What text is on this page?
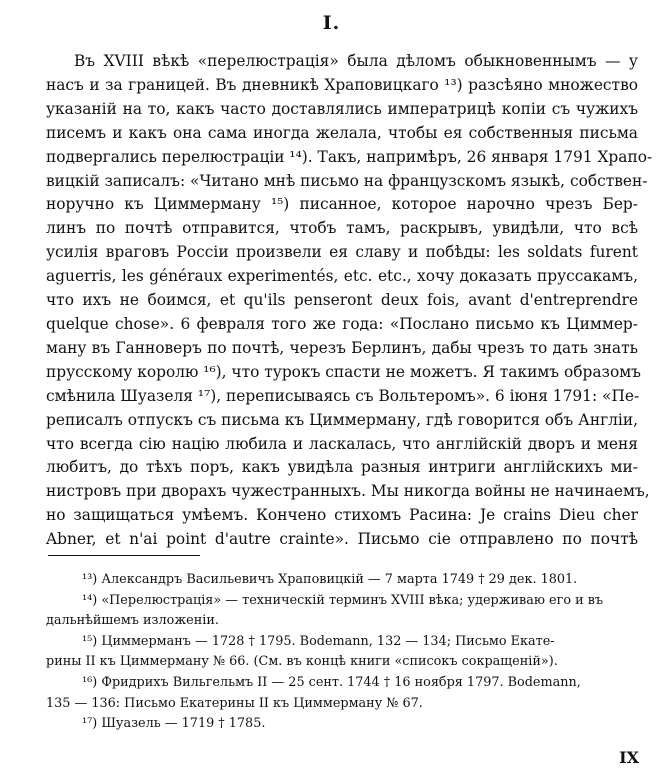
I.
Въ XVIII вѣкѣ «перелюстрація» была дѣломъ обыкновеннымъ — у
насъ и за границей. Въ дневникѣ Храповицкаго ¹³) разсѣяно множество
указаній на то, какъ часто доставлялись императрицѣ копіи съ чужихъ
писемъ и какъ она сама иногда желала, чтобы ея собственныя письма
подвергались перелюстраціи ¹⁴). Такъ, напримѣръ, 26 января 1791 Храпо-
вицкій записалъ: «Читано мнѣ письмо на французскомъ языкѣ, собствен-
норучно къ Циммерману ¹⁵) писанное, которое нарочно чрезъ Бер-
линъ по почтѣ отправится, чтобъ тамъ, раскрывъ, увидѣли, что всѣ
усилія враговъ Россіи произвели ея славу и побѣды: les soldats furent
aguerris, les généraux experimentés, etc. etc., хочу доказать пруссакамъ,
что ихъ не боимся, et qu'ils penseront deux fois, avant d'entreprendre
quelque chose». 6 февраля того же года: «Послано письмо къ Циммер-
ману въ Ганноверъ по почтѣ, черезъ Берлинъ, дабы чрезъ то дать знать
прусскому королю ¹⁶), что турокъ спасти не можетъ. Я такимъ образомъ
смѣнила Шуазеля ¹⁷), переписываясь съ Вольтеромъ». 6 іюня 1791: «Пе-
реписалъ отпускъ съ письма къ Циммерману, гдѣ говорится объ Англіи,
что всегда сію націю любила и ласкалась, что англійскій дворъ и меня
любитъ, до тѣхъ поръ, какъ увидѣла разныя интриги англійскихъ ми-
нистровъ при дворахъ чужестранныхъ. Мы никогда войны не начинаемъ,
но защищаться умѣемъ. Кончено стихомъ Расина: Je crains Dieu cher
Abner, et n'ai point d'autre crainte». Письмо сіе отправлено по почтѣ
¹³) Александръ Васильевичъ Храповицкій — 7 марта 1749 † 29 дек. 1801.
¹⁴) «Перелюстрація» — техническій терминъ XVIII вѣка; удерживаю его и въ
дальнѣйшемъ изложеніи.
¹⁵) Циммерманъ — 1728 † 1795. Bodemann, 132 — 134; Письмо Екате-
рины II къ Циммерману № 66. (См. въ концѣ книги «списокъ сокращеній»).
¹⁶) Фридрихъ Вильгельмъ II — 25 сент. 1744 † 16 ноября 1797. Bodemann,
135 — 136: Письмо Екатерины II къ Циммерману № 67.
¹⁷) Шуазель — 1719 † 1785.
IX
